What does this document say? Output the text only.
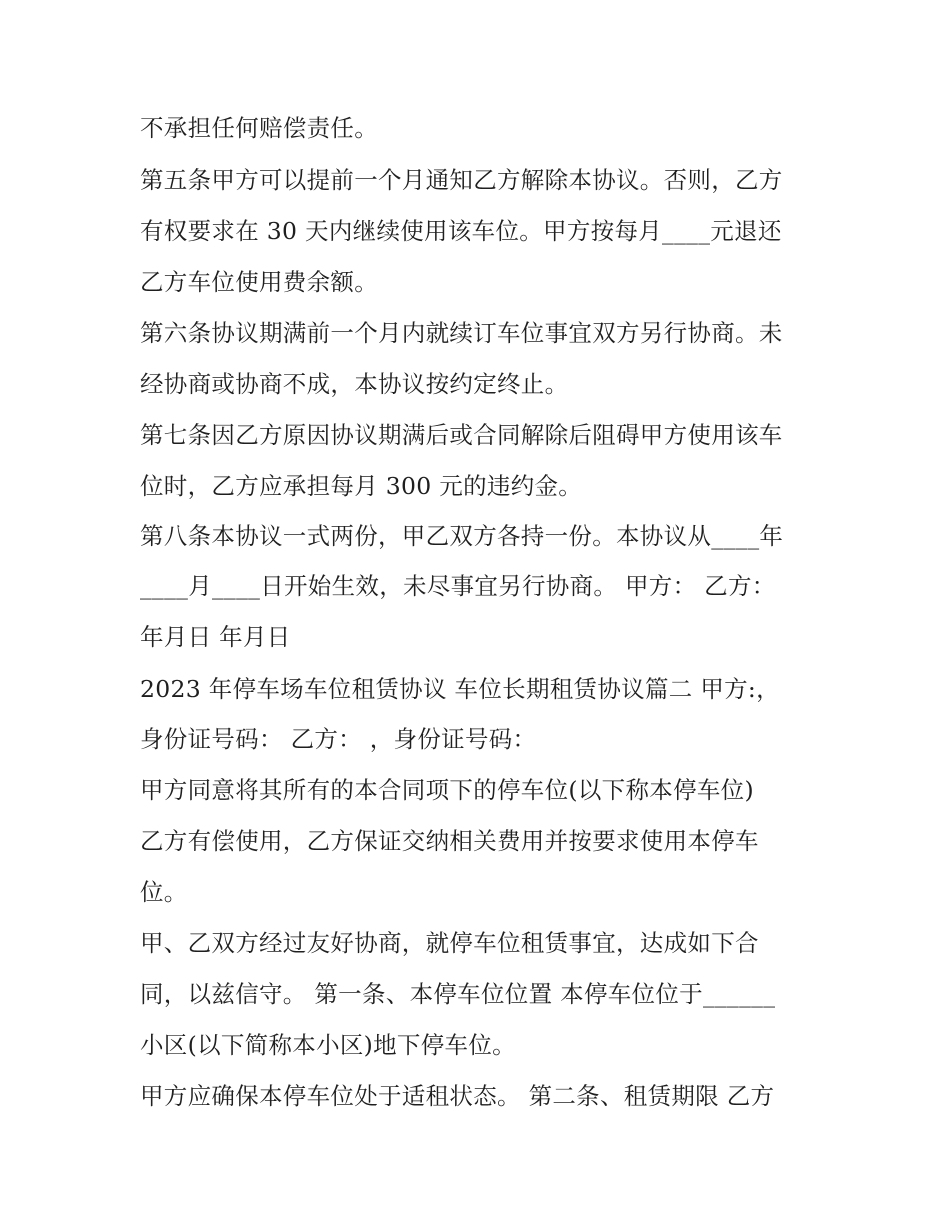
不承担任何赔偿责任。

第五条甲方可以提前一个月通知乙方解除本协议。否则，乙方

有权要求在 30 天内继续使用该车位。甲方按每月____元退还

乙方车位使用费余额。

第六条协议期满前一个月内就续订车位事宜双方另行协商。未

经协商或协商不成，本协议按约定终止。

第七条因乙方原因协议期满后或合同解除后阻碍甲方使用该车

位时，乙方应承担每月 300 元的违约金。

第八条本协议一式两份，甲乙双方各持一份。本协议从____年

____月____日开始生效，未尽事宜另行协商。 甲方： 乙方：

年月日 年月日

2023 年停车场车位租赁协议 车位长期租赁协议篇二 甲方:，

身份证号码： 乙方： ，身份证号码：

甲方同意将其所有的本合同项下的停车位(以下称本停车位)

乙方有偿使用，乙方保证交纳相关费用并按要求使用本停车

位。

甲、乙双方经过友好协商，就停车位租赁事宜，达成如下合

同，以兹信守。 第一条、本停车位位置 本停车位位于______

小区(以下简称本小区)地下停车位。

甲方应确保本停车位处于适租状态。 第二条、租赁期限 乙方
